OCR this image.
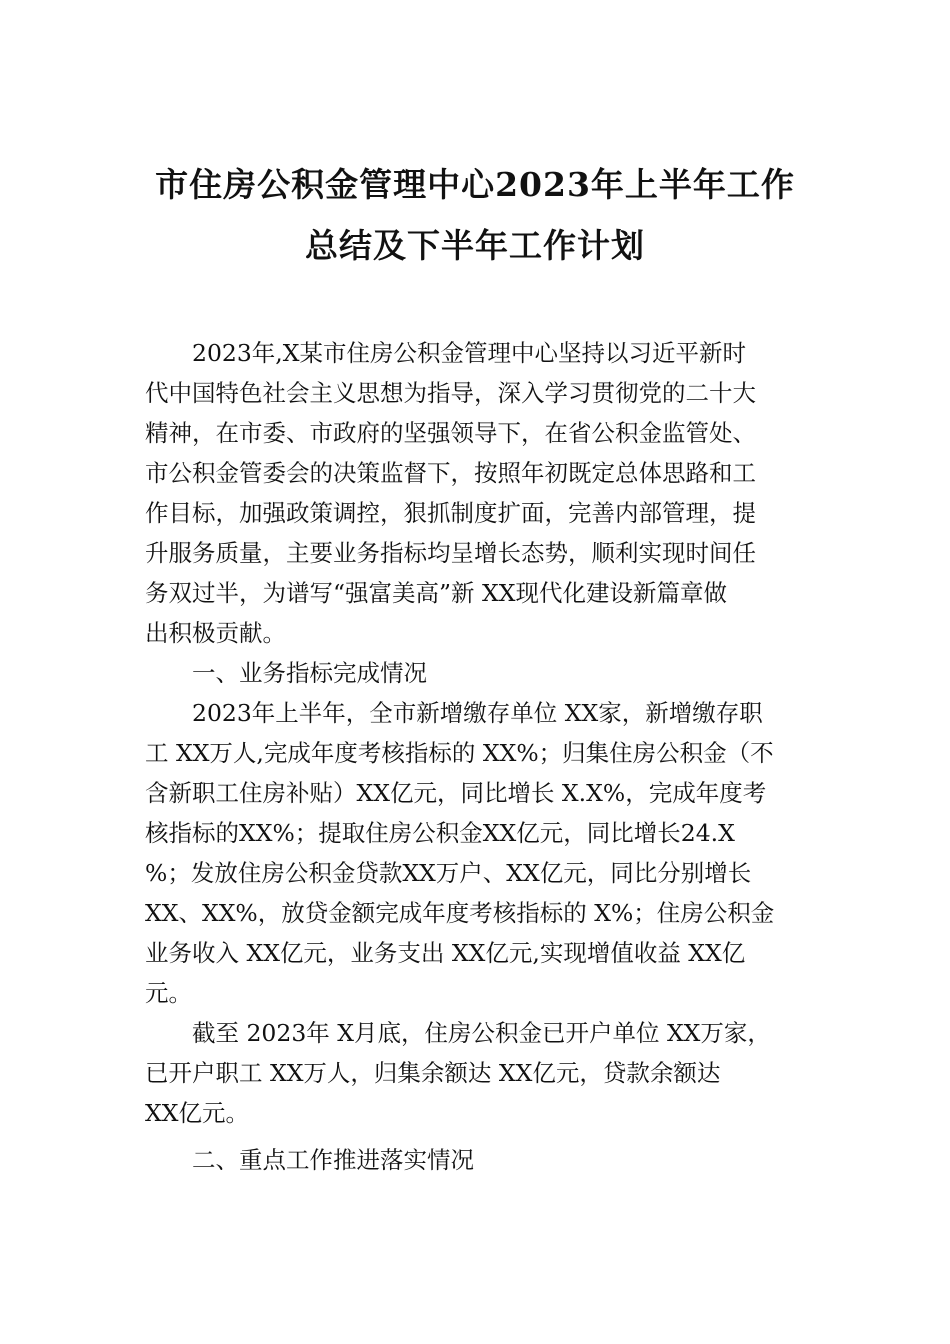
市住房公积金管理中心2023年上半年工作
总结及下半年工作计划
　　2023年,X某市住房公积金管理中心坚持以习近平新时
代中国特色社会主义思想为指导，深入学习贯彻党的二十大
精神，在市委、市政府的坚强领导下，在省公积金监管处、
市公积金管委会的决策监督下，按照年初既定总体思路和工
作目标，加强政策调控，狠抓制度扩面，完善内部管理，提
升服务质量，主要业务指标均呈增长态势，顺利实现时间任
务双过半，为谱写“强富美高”新 XX现代化建设新篇章做
出积极贡献。
　　一、业务指标完成情况
　　2023年上半年，全市新增缴存单位 XX家，新增缴存职
工 XX万人,完成年度考核指标的 XX%；归集住房公积金（不
含新职工住房补贴）XX亿元，同比增长 X.X%，完成年度考
核指标的XX%；提取住房公积金XX亿元，同比增长24.X
%；发放住房公积金贷款XX万户、XX亿元，同比分别增长
XX、XX%，放贷金额完成年度考核指标的 X%；住房公积金
业务收入 XX亿元，业务支出 XX亿元,实现增值收益 XX亿
元。
　　截至 2023年 X月底，住房公积金已开户单位 XX万家，
已开户职工 XX万人，归集余额达 XX亿元，贷款余额达
XX亿元。
　　二、重点工作推进落实情况
